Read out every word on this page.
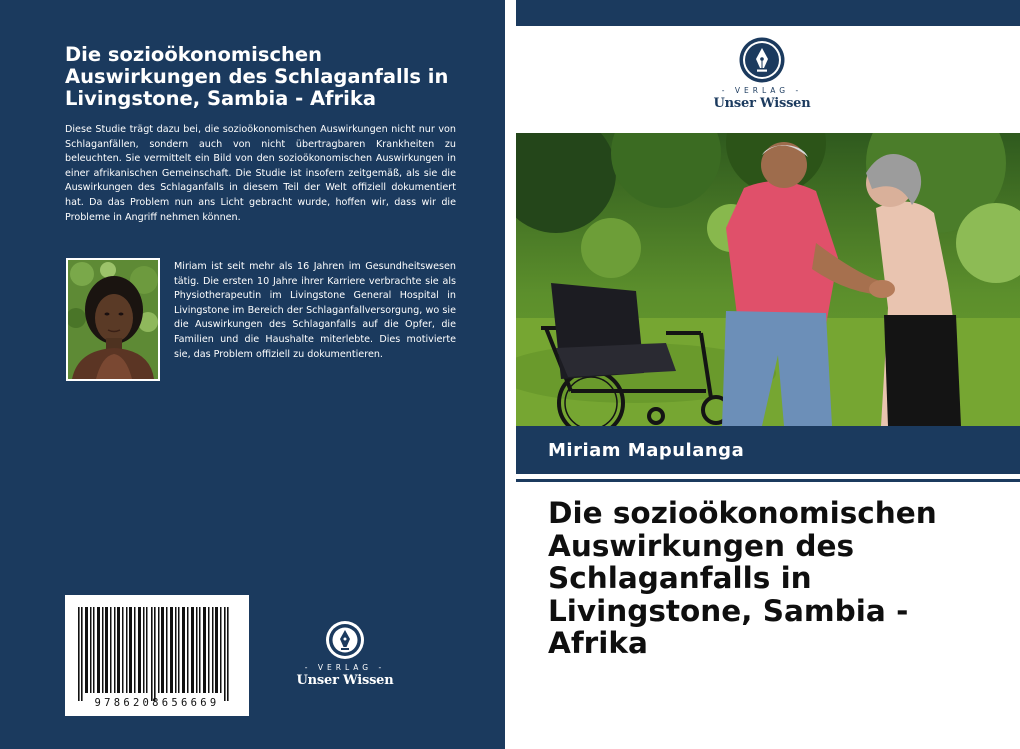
Die sozioökonomischen Auswirkungen des Schlaganfalls in Livingstone, Sambia - Afrika
Diese Studie trägt dazu bei, die sozioökonomischen Auswirkungen nicht nur von Schlaganfällen, sondern auch von nicht übertragbaren Krankheiten zu beleuchten. Sie vermittelt ein Bild von den sozioökonomischen Auswirkungen in einer afrikanischen Gemeinschaft. Die Studie ist insofern zeitgemäß, als sie die Auswirkungen des Schlaganfalls in diesem Teil der Welt offiziell dokumentiert hat. Da das Problem nun ans Licht gebracht wurde, hoffen wir, dass wir die Probleme in Angriff nehmen können.
Miriam ist seit mehr als 16 Jahren im Gesundheitswesen tätig. Die ersten 10 Jahre ihrer Karriere verbrachte sie als Physiotherapeutin im Livingstone General Hospital in Livingstone im Bereich der Schlaganfallversorgung, wo sie die Auswirkungen des Schlaganfalls auf die Opfer, die Familien und die Haushalte miterlebte. Dies motivierte sie, das Problem offiziell zu dokumentieren.
9786208656669
- VERLAG -
Unser Wissen
- VERLAG -
Unser Wissen
Miriam Mapulanga
Die sozioökonomischen Auswirkungen des Schlaganfalls in Livingstone, Sambia - Afrika
